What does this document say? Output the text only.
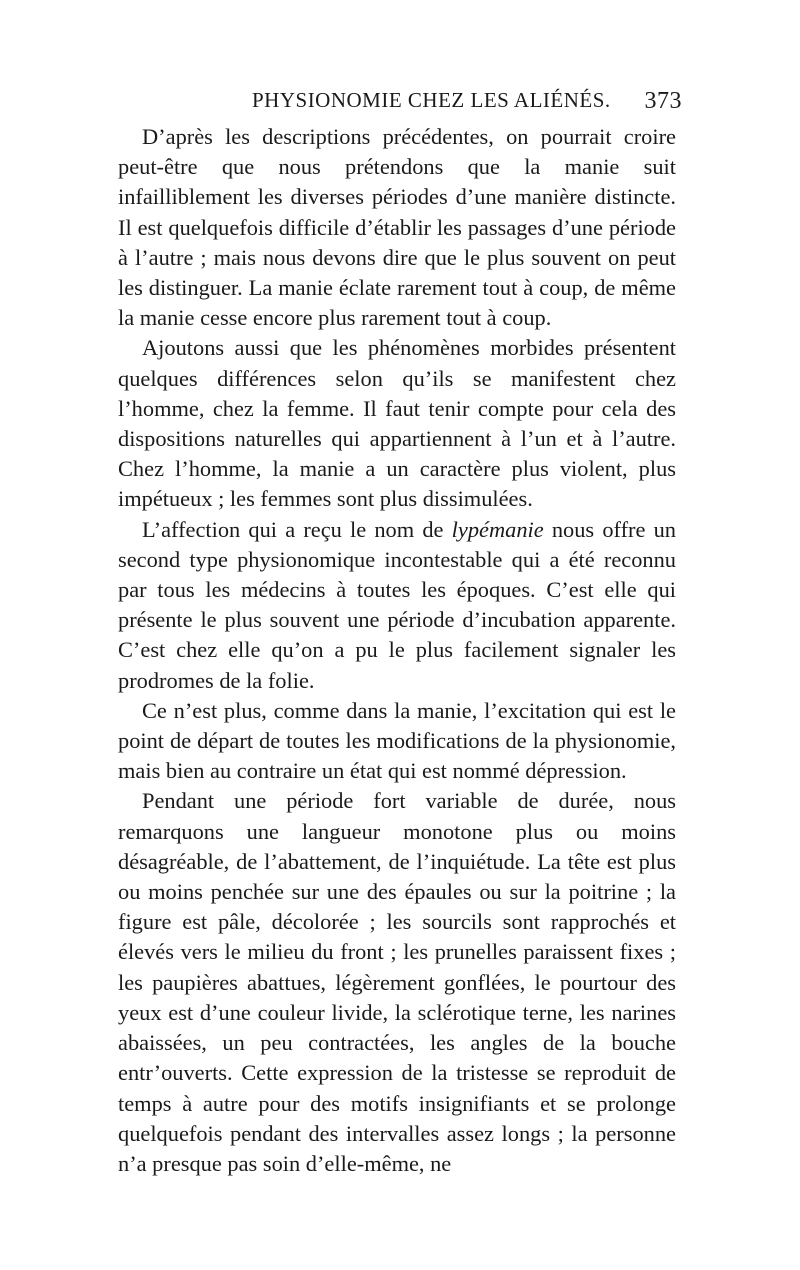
PHYSIONOMIE CHEZ LES ALIÉNÉS. 373

D’après les descriptions précédentes, on pourrait croire peut-être que nous prétendons que la manie suit infailliblement les diverses périodes d’une manière distincte. Il est quelquefois difficile d’établir les passages d’une période à l’autre ; mais nous devons dire que le plus souvent on peut les distinguer. La manie éclate rarement tout à coup, de même la manie cesse encore plus rarement tout à coup.

Ajoutons aussi que les phénomènes morbides présentent quelques différences selon qu’ils se manifestent chez l’homme, chez la femme. Il faut tenir compte pour cela des dispositions naturelles qui appartiennent à l’un et à l’autre. Chez l’homme, la manie a un caractère plus violent, plus impétueux ; les femmes sont plus dissimulées.

L’affection qui a reçu le nom de lypémanie nous offre un second type physionomique incontestable qui a été reconnu par tous les médecins à toutes les époques. C’est elle qui présente le plus souvent une période d’incubation apparente. C’est chez elle qu’on a pu le plus facilement signaler les prodromes de la folie.

Ce n’est plus, comme dans la manie, l’excitation qui est le point de départ de toutes les modifications de la physionomie, mais bien au contraire un état qui est nommé dépression.

Pendant une période fort variable de durée, nous remarquons une langueur monotone plus ou moins désagréable, de l’abattement, de l’inquiétude. La tête est plus ou moins penchée sur une des épaules ou sur la poitrine ; la figure est pâle, décolorée ; les sourcils sont rapprochés et élevés vers le milieu du front ; les prunelles paraissent fixes ; les paupières abattues, légèrement gonflées, le pourtour des yeux est d’une couleur livide, la sclérotique terne, les narines abaissées, un peu contractées, les angles de la bouche entr’ouverts. Cette expression de la tristesse se reproduit de temps à autre pour des motifs insignifiants et se prolonge quelquefois pendant des intervalles assez longs ; la personne n’a presque pas soin d’elle-même, ne
